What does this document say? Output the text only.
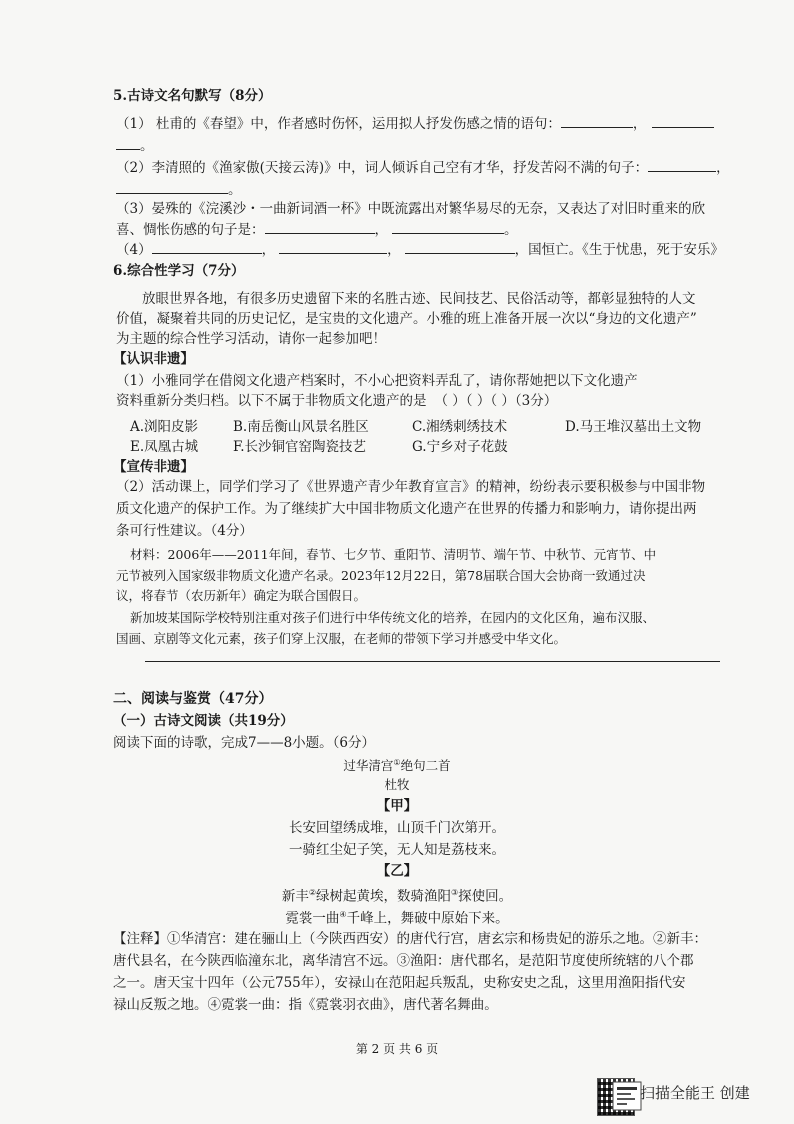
5.古诗文名句默写（8分）
（1） 杜甫的《春望》中，作者感时伤怀，运用拟人抒发伤感之情的语句：	，
。
（2）李清照的《渔家傲(天接云涛)》中，词人倾诉自己空有才华，抒发苦闷不满的句子：	，
。
（3）晏殊的《浣溪沙・一曲新词酒一杯》中既流露出对繁华易尽的无奈，又表达了对旧时重来的欣
喜、惆怅伤感的句子是：	，	。
（4）	，	，	，国恒亡。《生于忧患，死于安乐》
6.综合性学习（7分）
放眼世界各地，有很多历史遗留下来的名胜古迹、民间技艺、民俗活动等，都彰显独特的人文
价值，凝聚着共同的历史记忆，是宝贵的文化遗产。小雅的班上准备开展一次以“身边的文化遗产”
为主题的综合性学习活动，请你一起参加吧！
【认识非遗】
（1）小雅同学在借阅文化遗产档案时，不小心把资料弄乱了，请你帮她把以下文化遗产
资料重新分类归档。以下不属于非物质文化遗产的是 （ ）（ ）（ ）（3分）
A.浏阳皮影	B.南岳衡山风景名胜区	C.湘绣刺绣技术	D.马王堆汉墓出土文物
E.凤凰古城	F.长沙铜官窑陶瓷技艺	G.宁乡对子花鼓
【宣传非遗】
（2）活动课上，同学们学习了《世界遗产青少年教育宣言》的精神，纷纷表示要积极参与中国非物
质文化遗产的保护工作。为了继续扩大中国非物质文化遗产在世界的传播力和影响力，请你提出两
条可行性建议。（4分）
材料：2006年——2011年间，春节、七夕节、重阳节、清明节、端午节、中秋节、元宵节、中
元节被列入国家级非物质文化遗产名录。2023年12月22日，第78届联合国大会协商一致通过决
议，将春节（农历新年）确定为联合国假日。
新加坡某国际学校特别注重对孩子们进行中华传统文化的培养，在园内的文化区角，遍布汉服、
国画、京剧等文化元素，孩子们穿上汉服，在老师的带领下学习并感受中华文化。
二、阅读与鉴赏（47分）
（一）古诗文阅读（共19分）
阅读下面的诗歌，完成7——8小题。（6分）
过华清宫①绝句二首
杜牧
【甲】
长安回望绣成堆，山顶千门次第开。
一骑红尘妃子笑，无人知是荔枝来。
【乙】
新丰②绿树起黄埃，数骑渔阳③探使回。
霓裳一曲④千峰上，舞破中原始下来。
【注释】①华清宫：建在骊山上（今陕西西安）的唐代行宫，唐玄宗和杨贵妃的游乐之地。②新丰：
唐代县名，在今陕西临潼东北，离华清宫不远。③渔阳：唐代郡名，是范阳节度使所统辖的八个郡
之一。唐天宝十四年（公元755年），安禄山在范阳起兵叛乱，史称安史之乱，这里用渔阳指代安
禄山反叛之地。④霓裳一曲：指《霓裳羽衣曲》，唐代著名舞曲。
第 2 页 共 6 页
扫描全能王 创建
